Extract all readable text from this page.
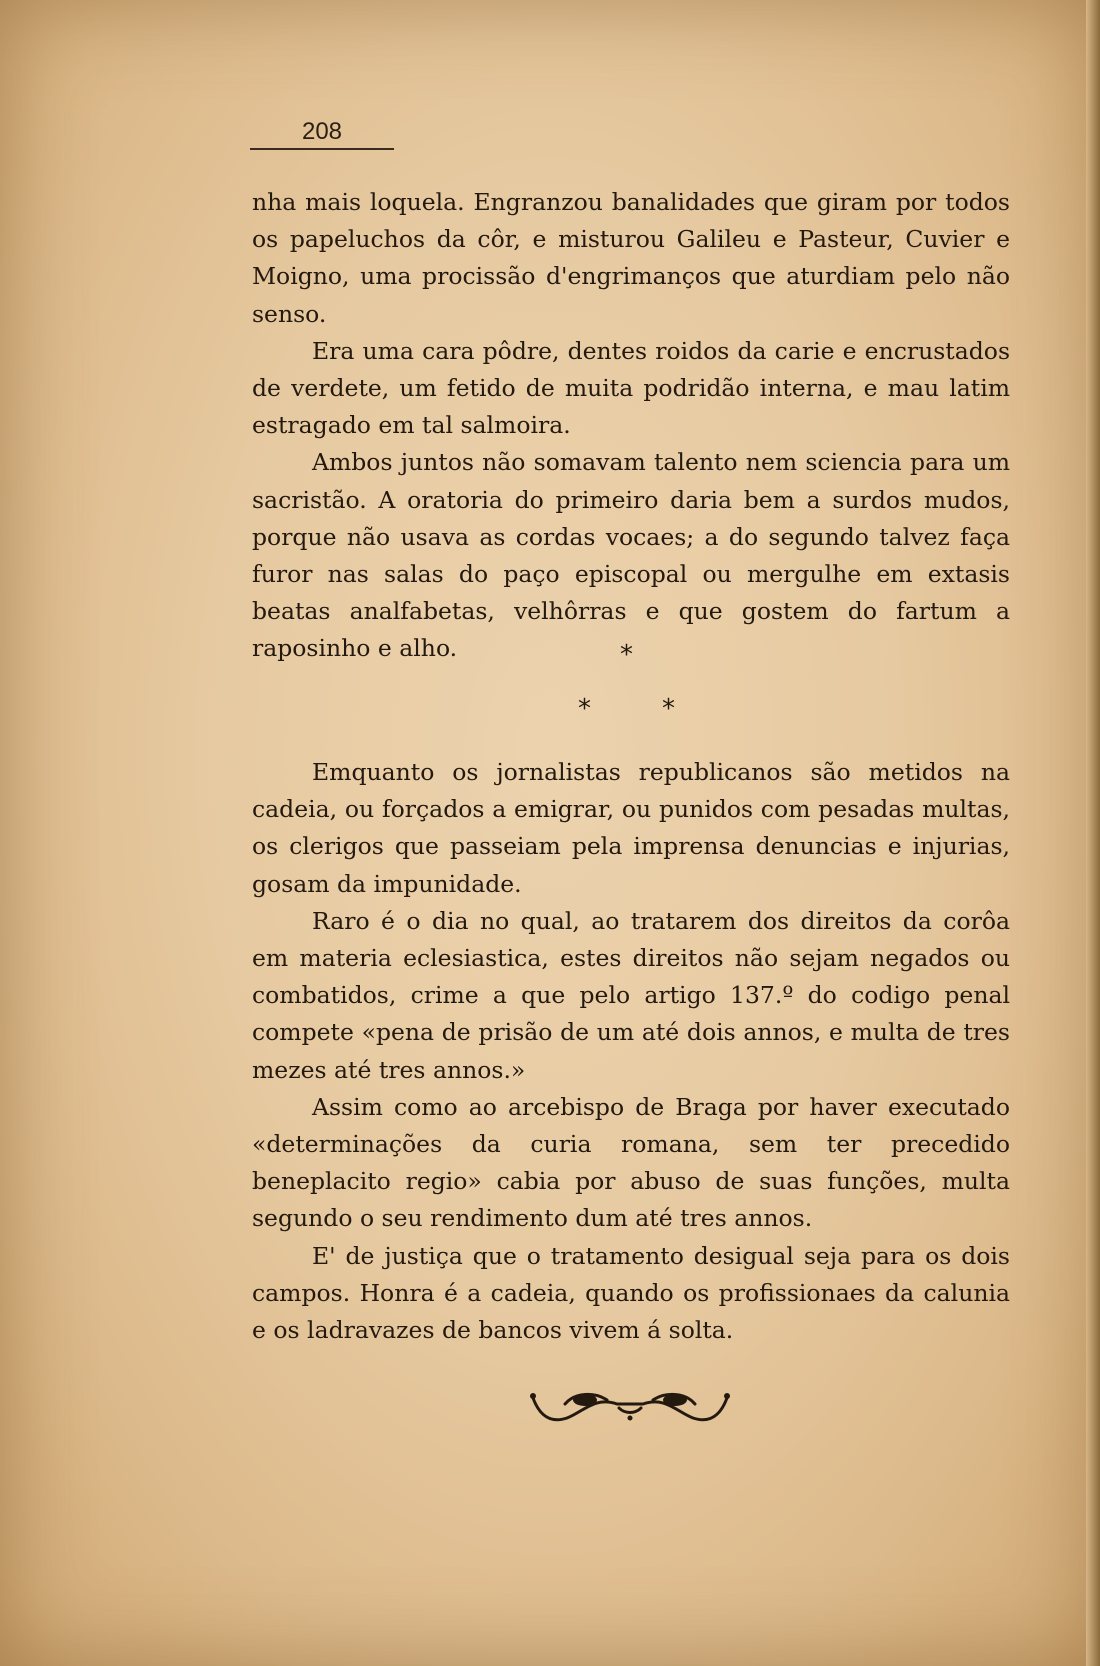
208

nha mais loquela. Engranzou banalidades que giram por todos os papeluchos da côr, e misturou Galileu e Pasteur, Cuvier e Moigno, uma procissão d'engrimanços que aturdiam pelo não senso.

Era uma cara pôdre, dentes roidos da carie e encrustados de verdete, um fetido de muita podridão interna, e mau latim estragado em tal salmoira.

Ambos juntos não somavam talento nem sciencia para um sacristão. A oratoria do primeiro daria bem a surdos mudos, porque não usava as cordas vocaes; a do segundo talvez faça furor nas salas do paço episcopal ou mergulhe em extasis beatas analfabetas, velhôrras e que gostem do fartum a raposinho e alho.	*
*	*

Emquanto os jornalistas republicanos são metidos na cadeia, ou forçados a emigrar, ou punidos com pesadas multas, os clerigos que passeiam pela imprensa denuncias e injurias, gosam da impunidade.

Raro é o dia no qual, ao tratarem dos direitos da corôa em materia eclesiastica, estes direitos não sejam negados ou combatidos, crime a que pelo artigo 137.º do codigo penal compete «pena de prisão de um até dois annos, e multa de tres mezes até tres annos.»

Assim como ao arcebispo de Braga por haver executado «determinações da curia romana, sem ter precedido beneplacito regio» cabia por abuso de suas funções, multa segundo o seu rendimento dum até tres annos.

E' de justiça que o tratamento desigual seja para os dois campos. Honra é a cadeia, quando os profissionaes da calunia e os ladravazes de bancos vivem á solta.
